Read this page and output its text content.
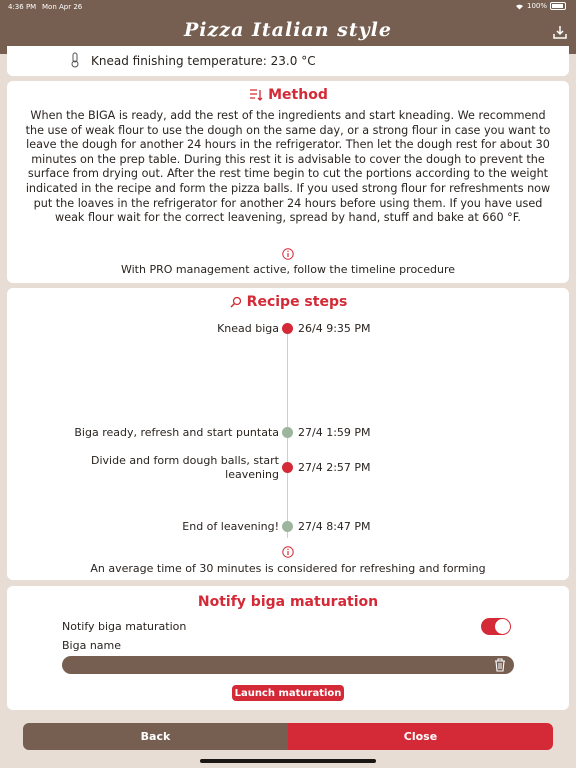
4:36 PM Mon Apr 26	100%
Pizza Italian style
Knead finishing temperature: 23.0 °C
Method
When the BIGA is ready, add the rest of the ingredients and start kneading. We recommend the use of weak flour to use the dough on the same day, or a strong flour in case you want to leave the dough for another 24 hours in the refrigerator. Then let the dough rest for about 30 minutes on the prep table. During this rest it is advisable to cover the dough to prevent the surface from drying out. After the rest time begin to cut the portions according to the weight indicated in the recipe and form the pizza balls. If you used strong flour for refreshments now put the loaves in the refrigerator for another 24 hours before using them. If you have used weak flour wait for the correct leavening, spread by hand, stuff and bake at 660 °F.
With PRO management active, follow the timeline procedure
Recipe steps
Knead biga 26/4 9:35 PM
Biga ready, refresh and start puntata 27/4 1:59 PM
Divide and form dough balls, start leavening
27/4 2:57 PM
End of leavening! 27/4 8:47 PM
An average time of 30 minutes is considered for refreshing and forming
Notify biga maturation
Notify biga maturation
Biga name
Launch maturation
Back	Close
